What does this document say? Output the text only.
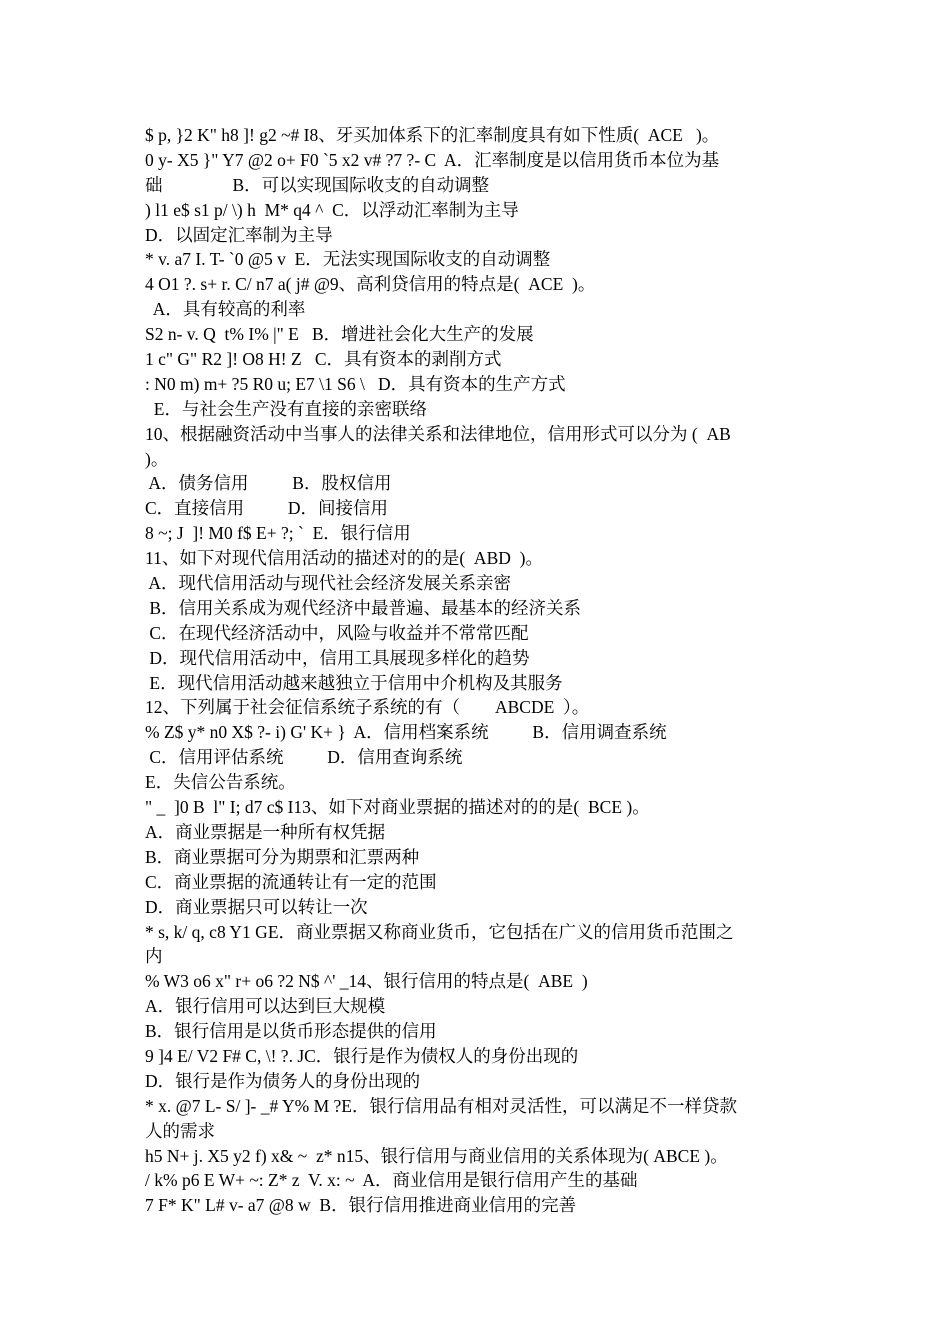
$ p, }2 K" h8 ]! g2 ~# I8、牙买加体系下的汇率制度具有如下性质(  ACE   )。
0 y- X5 }" Y7 @2 o+ F0 `5 x2 v# ?7 ?- C  A．汇率制度是以信用货币本位为基
础                B．可以实现国际收支的自动调整
) l1 e$ s1 p/ \) h  M* q4 ^  C．以浮动汇率制为主导
D．以固定汇率制为主导
* v. a7 I. T- `0 @5 v  E．无法实现国际收支的自动调整
4 O1 ?. s+ r. C/ n7 a( j# @9、高利贷信用的特点是(  ACE  )。
A．具有较高的利率
S2 n- v. Q  t% I% |" E   B．增进社会化大生产的发展
1 c" G" R2 ]! O8 H! Z   C．具有资本的剥削方式
: N0 m) m+ ?5 R0 u; E7 \1 S6 \   D．具有资本的生产方式
E．与社会生产没有直接的亲密联络
10、根据融资活动中当事人的法律关系和法律地位，信用形式可以分为 (  AB
)。
A．债务信用          B．股权信用
C．直接信用          D．间接信用
8 ~; J  ]! M0 f$ E+ ?; `  E．银行信用
11、如下对现代信用活动的描述对的的是(  ABD  )。
A．现代信用活动与现代社会经济发展关系亲密
B．信用关系成为观代经济中最普遍、最基本的经济关系
C．在现代经济活动中，风险与收益并不常常匹配
D．现代信用活动中，信用工具展现多样化的趋势
E．现代信用活动越来越独立于信用中介机构及其服务
12、下列属于社会征信系统子系统的有（        ABCDE  ）。
% Z$ y* n0 X$ ?- i) G' K+ }  A．信用档案系统          B．信用调查系统
C．信用评估系统          D．信用查询系统
E．失信公告系统。
" _  ]0 B  l" I; d7 c$ I13、如下对商业票据的描述对的的是(  BCE )。
A．商业票据是一种所有权凭据
B．商业票据可分为期票和汇票两种
C．商业票据的流通转让有一定的范围
D．商业票据只可以转让一次
* s, k/ q, c8 Y1 GE．商业票据又称商业货币，它包括在广义的信用货币范围之
内
% W3 o6 x" r+ o6 ?2 N$ ^' _14、银行信用的特点是(  ABE  )
A．银行信用可以达到巨大规模
B．银行信用是以货币形态提供的信用
9 ]4 E/ V2 F# C, \! ?. JC．银行是作为债权人的身份出现的
D．银行是作为债务人的身份出现的
* x. @7 L- S/ ]- _# Y% M ?E．银行信用品有相对灵活性，可以满足不一样贷款
人的需求
h5 N+ j. X5 y2 f) x& ~  z* n15、银行信用与商业信用的关系体现为( ABCE )。
/ k% p6 E W+ ~: Z* z  V. x: ~  A．商业信用是银行信用产生的基础
7 F* K" L# v- a7 @8 w  B．银行信用推进商业信用的完善
